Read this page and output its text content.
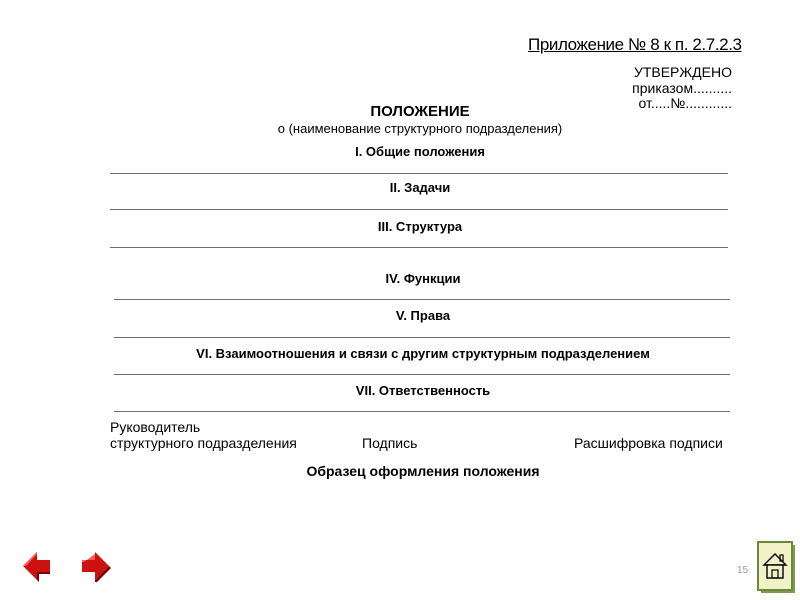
Приложение № 8 к п. 2.7.2.3
УТВЕРЖДЕНО
приказом..........
от.....№............
ПОЛОЖЕНИЕ
о (наименование структурного подразделения)
I. Общие положения
II. Задачи
III. Структура
IV. Функции
V. Права
VI. Взаимоотношения и связи с другим структурным подразделением
VII. Ответственность
Руководитель
структурного подразделения	Подпись	Расшифровка подписи
Образец оформления положения
15
